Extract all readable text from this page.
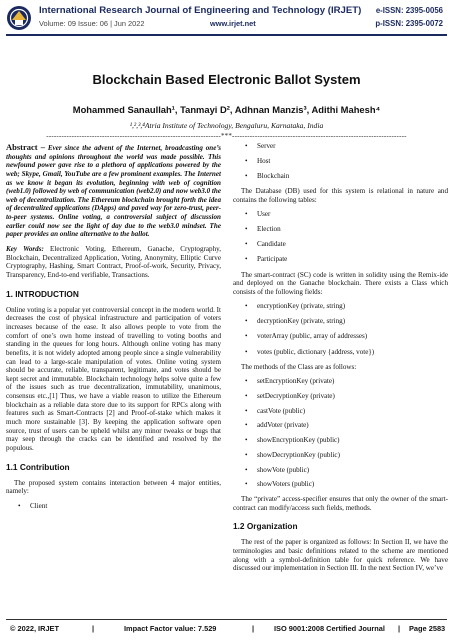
International Research Journal of Engineering and Technology (IRJET)
Volume: 09 Issue: 06 | Jun 2022	www.irjet.net
e-ISSN: 2395-0056
p-ISSN: 2395-0072
Blockchain Based Electronic Ballot System
Mohammed Sanaullah¹, Tanmayi D², Adhnan Manzis³, Adithi Mahesh⁴
¹,²,³,⁴Atria Institute of Technology, Bengaluru, Karnataka, India
---------------------------------------------------------------------***---------------------------------------------------------------------

Abstract – Ever since the advent of the Internet, broadcasting one’s thoughts and opinions throughout the world was made possible. This newfound power gave rise to a plethora of applications powered by the web; Skype, Gmail, YouTube are a few prominent examples. The Internet as we know it began its evolution, beginning with web of cognition (web1.0) followed by web of communication (web2.0) and now web3.0 the web of decentralization. The Ethereum blockchain brought forth the idea of decentralized applications (DApps) and paved way for zero-trust, peer-to-peer systems. Online voting, a controversial subject of discussion earlier could now see the light of day due to the web3.0 mindset. The paper provides an online alternative to the ballot.

Key Words: Electronic Voting, Ethereum, Ganache, Cryptography, Blockchain, Decentralized Application, Voting, Anonymity, Elliptic Curve Cryptography, Hashing, Smart Contract, Proof-of-work, Security, Privacy, Transparency, End-to-end verifiable, Transactions.

1. INTRODUCTION

Online voting is a popular yet controversial concept in the modern world. It decreases the cost of physical infrastructure and participation of voters increases because of the ease. It also allows people to vote from the comfort of one’s own home instead of travelling to voting booths and standing in the queues for long hours. Although online voting has many benefits, it is not widely adopted among people since a single vulnerability can lead to a large-scale manipulation of votes. Online voting system should be accurate, reliable, transparent, legitimate, and votes should be kept secret and immutable. Blockchain technology helps solve quite a few of the issues such as true decentralization, immutability, unanimous, consensus etc.,[1] Thus, we have a viable reason to utilize the Ethereum blockchain as a reliable data store due to its support for RPCs along with features such as Smart-Contracts [2] and Proof-of-stake which makes it much more sustainable [3]. By keeping the application software open source, trust of users can be upheld whilst any minor tweaks or bugs that may seep through the cracks can be identified and resolved by the populous.

1.1 Contribution

The proposed system contains interaction between 4 major entities, namely:

• Client
• Server
• Host
• Blockchain

The Database (DB) used for this system is relational in nature and contains the following tables:

• User
• Election
• Candidate
• Participate

The smart-contract (SC) code is written in solidity using the Remix-ide and deployed on the Ganache blockchain. There exists a Class which consists of the following fields:

• encryptionKey (private, string)
• decryptionKey (private, string)
• voterArray (public, array of addresses)
• votes (public, dictionary {address, vote})

The methods of the Class are as follows:

• setEncryptionKey (private)
• setDecryptionKey (private)
• castVote (public)
• addVoter (private)
• showEncryptionKey (public)
• showDecryptionKey (public)
• showVote (public)
• showVoters (public)

The “private” access-specifier ensures that only the owner of the smart-contract can modify/access such fields, methods.

1.2 Organization

The rest of the paper is organized as follows: In Section II, we have the terminologies and basic definitions related to the scheme are mentioned along with a symbol-definition table for quick reference. We have discussed our implementation in Section III. In the next Section IV, we’ve

© 2022, IRJET	|	Impact Factor value: 7.529	|	ISO 9001:2008 Certified Journal | Page 2583
